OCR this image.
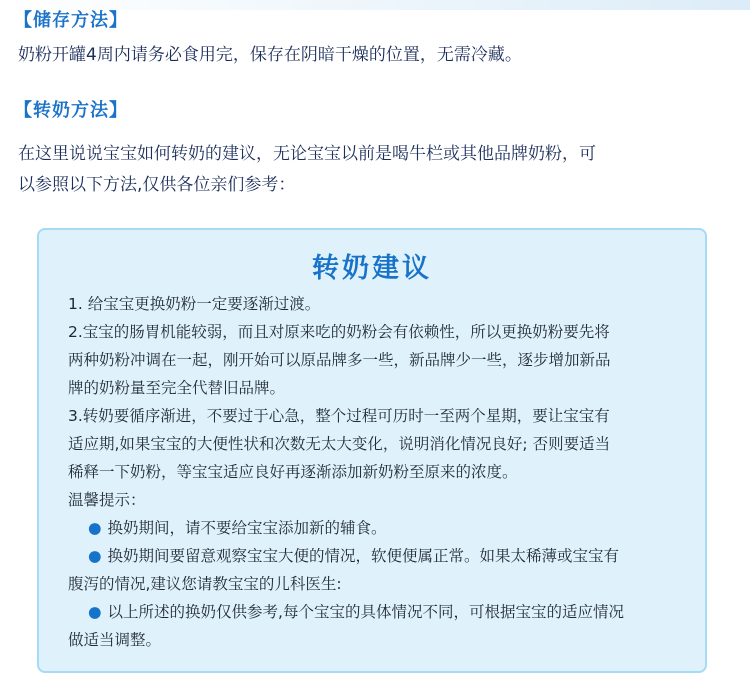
【储存方法】
奶粉开罐4周内请务必食用完，保存在阴暗干燥的位置，无需冷藏。
【转奶方法】
在这里说说宝宝如何转奶的建议，无论宝宝以前是喝牛栏或其他品牌奶粉，可
以参照以下方法,仅供各位亲们参考：
转奶建议

1. 给宝宝更换奶粉一定要逐渐过渡。

2.宝宝的肠胃机能较弱，而且对原来吃的奶粉会有依赖性，所以更换奶粉要先将

两种奶粉冲调在一起，刚开始可以原品牌多一些，新品牌少一些，逐步增加新品

牌的奶粉量至完全代替旧品牌。

3.转奶要循序渐进，不要过于心急，整个过程可历时一至两个星期，要让宝宝有

适应期,如果宝宝的大便性状和次数无太大变化，说明消化情况良好; 否则要适当

稀释一下奶粉，等宝宝适应良好再逐渐添加新奶粉至原来的浓度。

温馨提示：

● 换奶期间，请不要给宝宝添加新的辅食。

● 换奶期间要留意观察宝宝大便的情况，软便便属正常。如果太稀薄或宝宝有

腹泻的情况,建议您请教宝宝的儿科医生:

● 以上所述的换奶仅供参考,每个宝宝的具体情况不同，可根据宝宝的适应情况

做适当调整。
